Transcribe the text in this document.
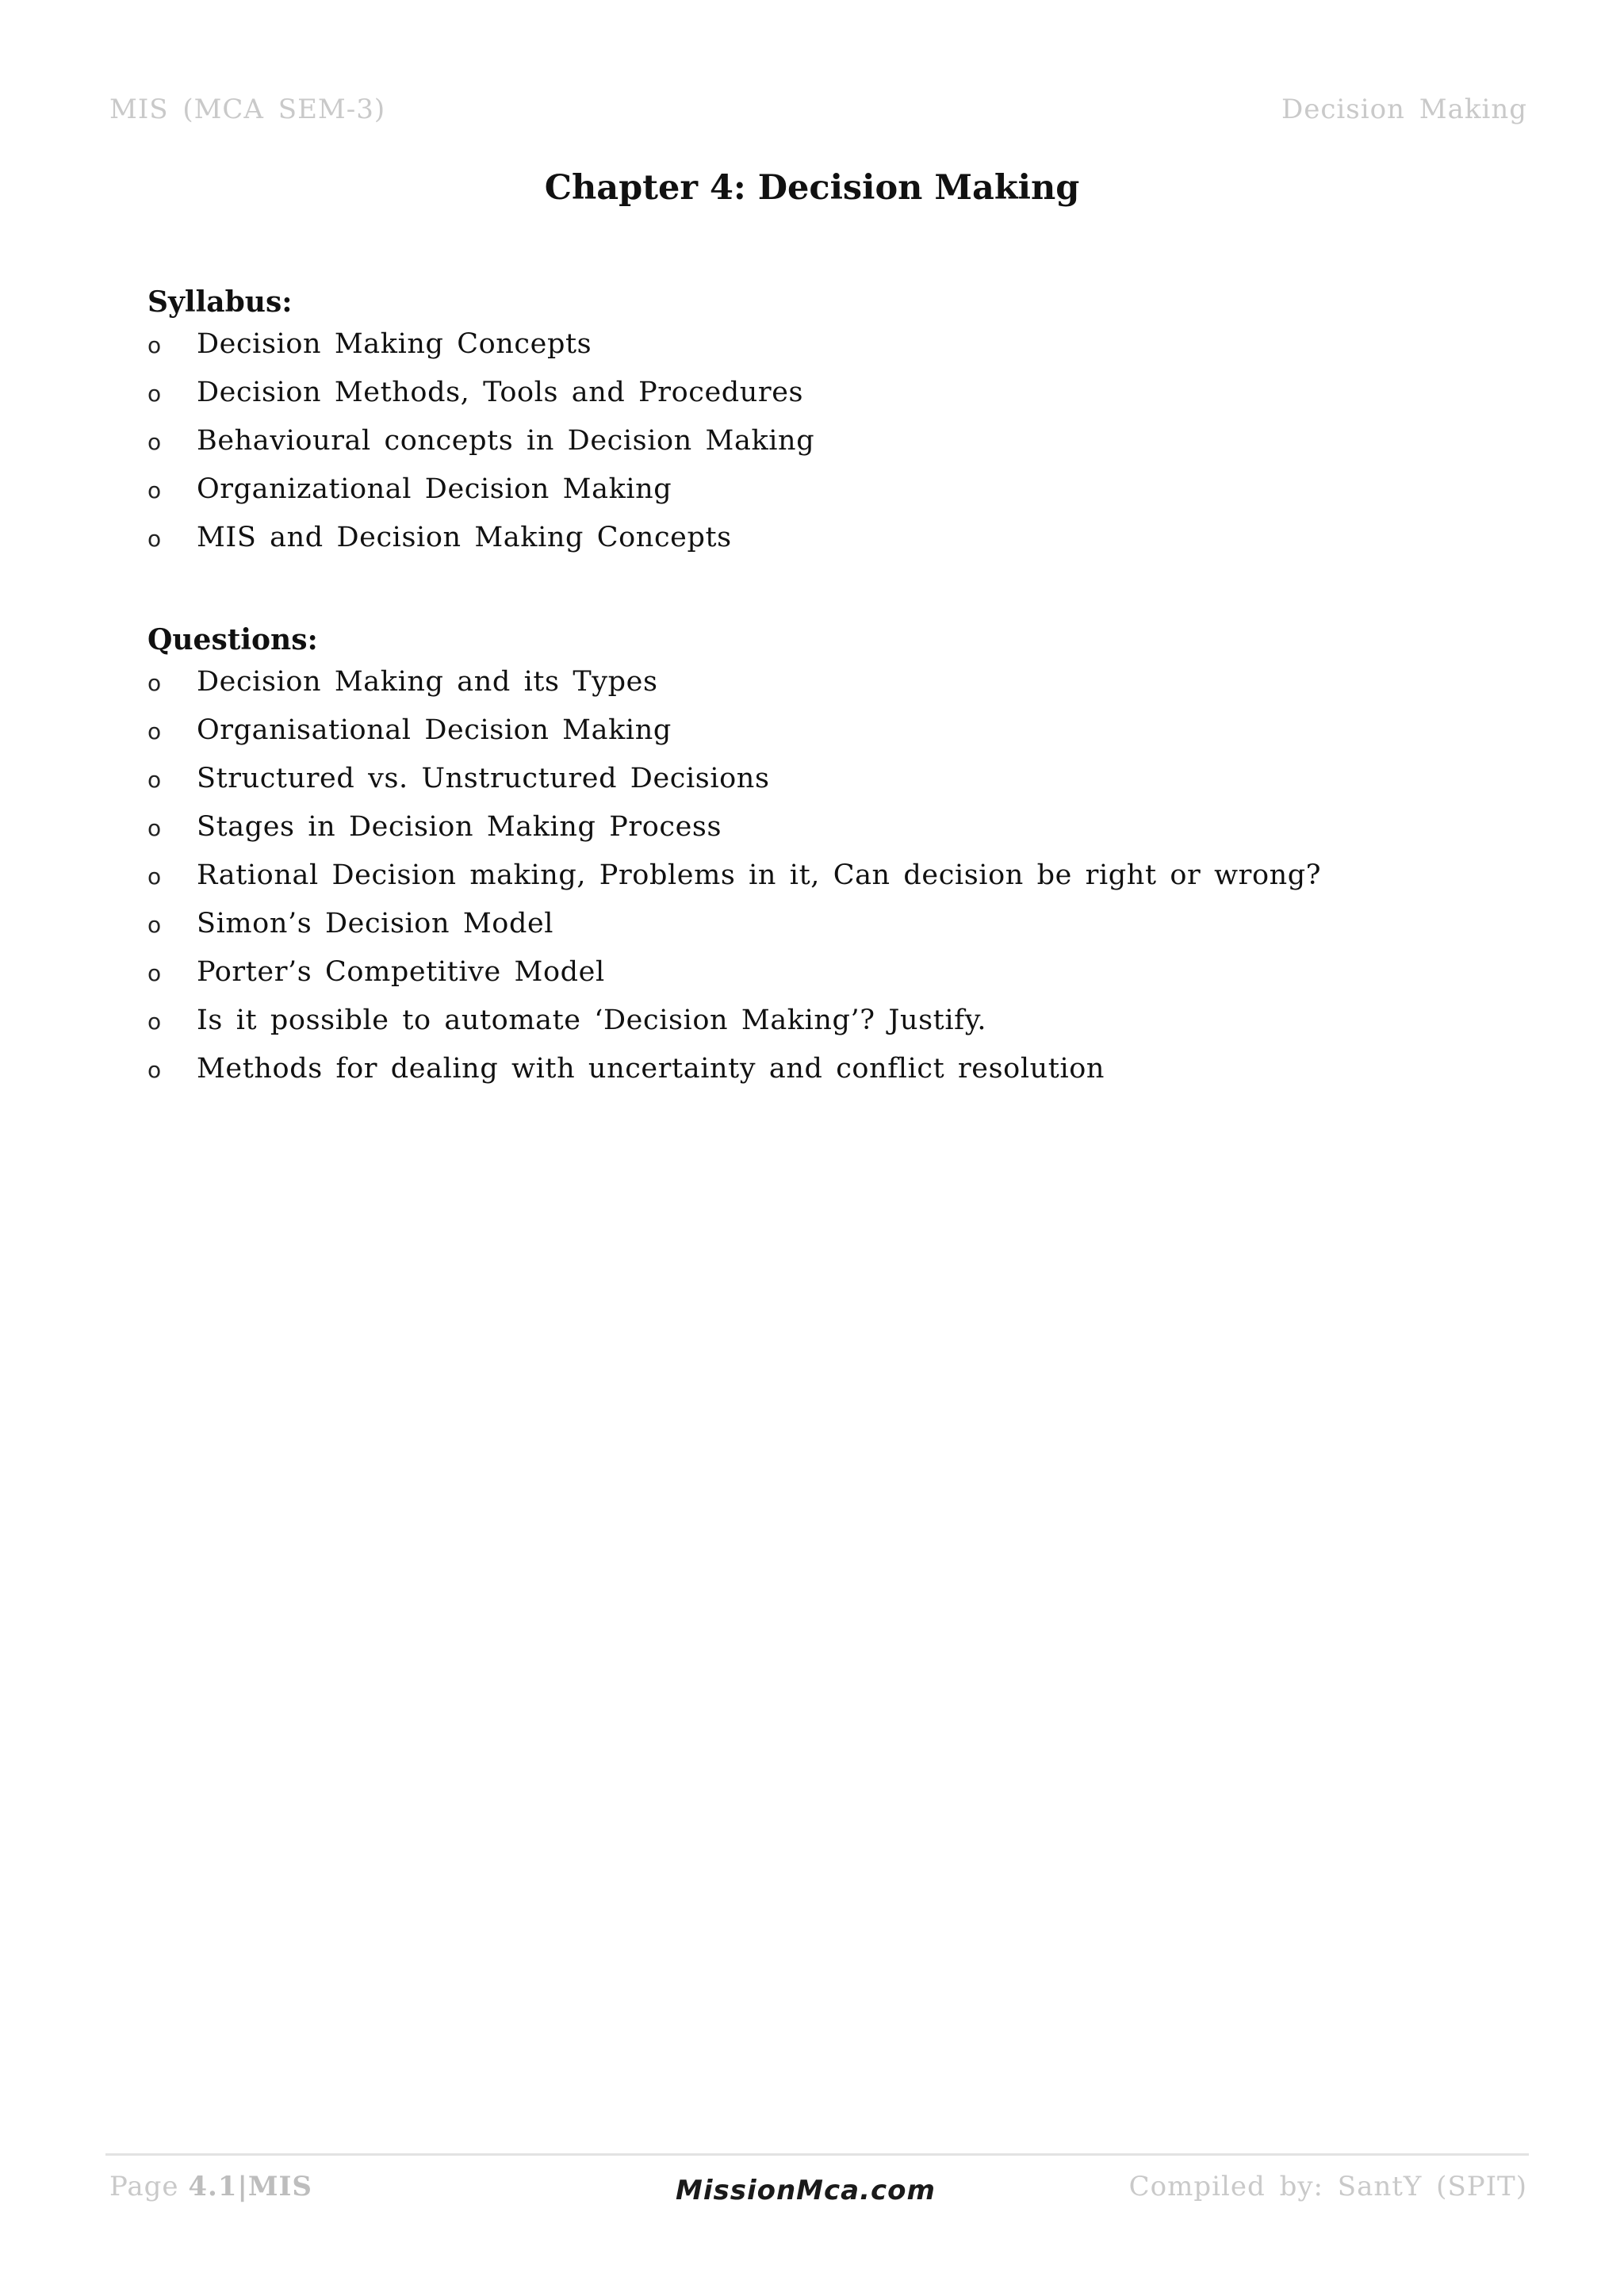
MIS (MCA SEM-3)	Decision Making
Chapter 4: Decision Making
Syllabus:
o	Decision Making Concepts
o	Decision Methods, Tools and Procedures
o	Behavioural concepts in Decision Making
o	Organizational Decision Making
o	MIS and Decision Making Concepts
Questions:
o	Decision Making and its Types
o	Organisational Decision Making
o	Structured vs. Unstructured Decisions
o	Stages in Decision Making Process
o	Rational Decision making, Problems in it, Can decision be right or wrong?
o	Simon’s Decision Model
o	Porter’s Competitive Model
o	Is it possible to automate ‘Decision Making’? Justify.
o	Methods for dealing with uncertainty and conflict resolution
Page 4.1|MIS	MissionMca.com	Compiled by: SantY (SPIT)
